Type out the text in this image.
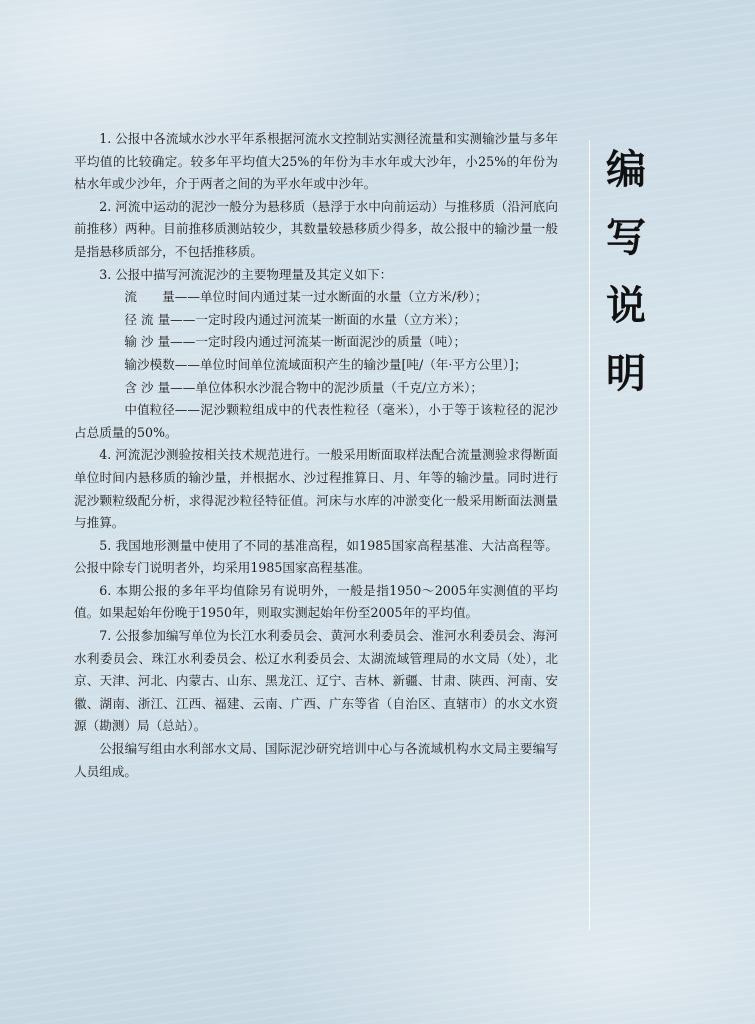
1. 公报中各流域水沙水平年系根据河流水文控制站实测径流量和实测输沙量与多年平均值的比较确定。较多年平均值大25%的年份为丰水年或大沙年，小25%的年份为枯水年或少沙年，介于两者之间的为平水年或中沙年。

2. 河流中运动的泥沙一般分为悬移质（悬浮于水中向前运动）与推移质（沿河底向前推移）两种。目前推移质测站较少，其数量较悬移质少得多，故公报中的输沙量一般是指悬移质部分，不包括推移质。

3. 公报中描写河流泥沙的主要物理量及其定义如下：

流　　量——单位时间内通过某一过水断面的水量（立方米/秒）；

径 流 量——一定时段内通过河流某一断面的水量（立方米）；

输 沙 量——一定时段内通过河流某一断面泥沙的质量（吨）；

输沙模数——单位时间单位流域面积产生的输沙量[吨/（年·平方公里）]；

含 沙 量——单位体积水沙混合物中的泥沙质量（千克/立方米）；

中值粒径——泥沙颗粒组成中的代表性粒径（毫米），小于等于该粒径的泥沙占总质量的50%。

4. 河流泥沙测验按相关技术规范进行。一般采用断面取样法配合流量测验求得断面单位时间内悬移质的输沙量，并根据水、沙过程推算日、月、年等的输沙量。同时进行泥沙颗粒级配分析，求得泥沙粒径特征值。河床与水库的冲淤变化一般采用断面法测量与推算。

5. 我国地形测量中使用了不同的基准高程，如1985国家高程基准、大沽高程等。公报中除专门说明者外，均采用1985国家高程基准。

6. 本期公报的多年平均值除另有说明外，一般是指1950～2005年实测值的平均值。如果起始年份晚于1950年，则取实测起始年份至2005年的平均值。

7. 公报参加编写单位为长江水利委员会、黄河水利委员会、淮河水利委员会、海河水利委员会、珠江水利委员会、松辽水利委员会、太湖流域管理局的水文局（处），北京、天津、河北、内蒙古、山东、黑龙江、辽宁、吉林、新疆、甘肃、陕西、河南、安徽、湖南、浙江、江西、福建、云南、广西、广东等省（自治区、直辖市）的水文水资源（勘测）局（总站）。

公报编写组由水利部水文局、国际泥沙研究培训中心与各流域机构水文局主要编写人员组成。

编
写
说
明
